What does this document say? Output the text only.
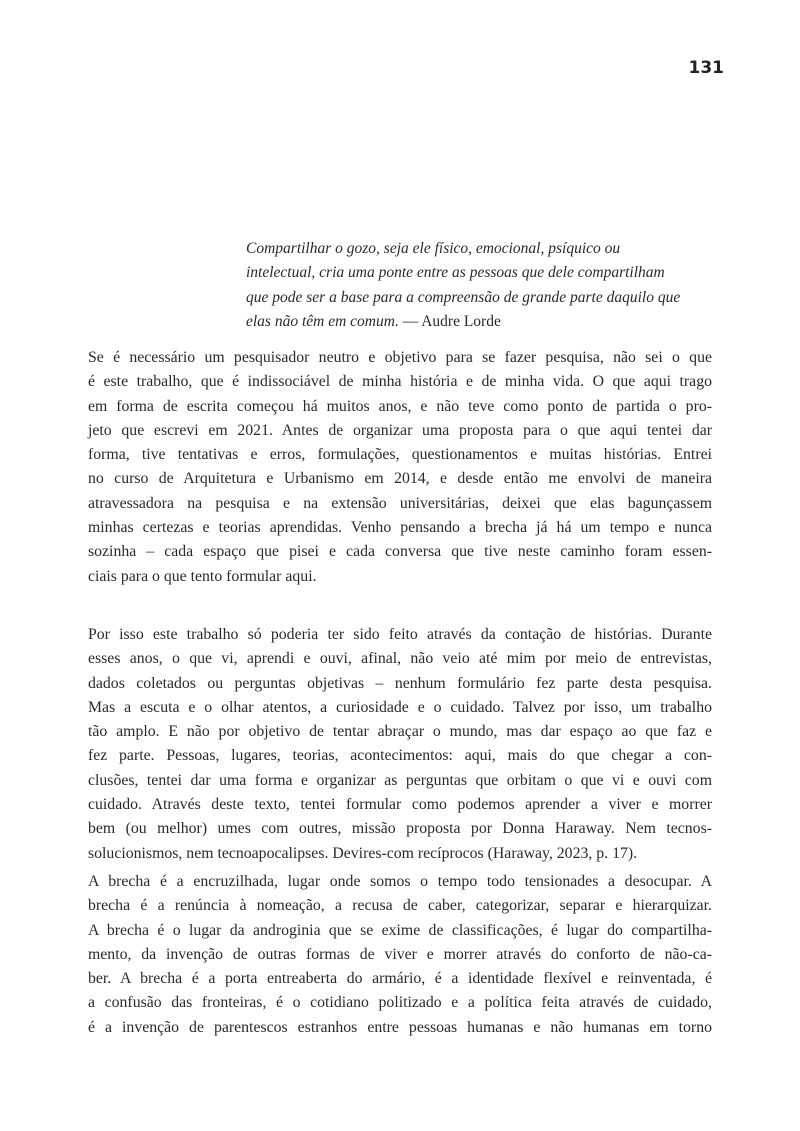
131
Compartilhar o gozo, seja ele físico, emocional, psíquico ou
intelectual, cria uma ponte entre as pessoas que dele compartilham
que pode ser a base para a compreensão de grande parte daquilo que
elas não têm em comum. — Audre Lorde
Se é necessário um pesquisador neutro e objetivo para se fazer pesquisa, não sei o que
é este trabalho, que é indissociável de minha história e de minha vida. O que aqui trago
em forma de escrita começou há muitos anos, e não teve como ponto de partida o pro-
jeto que escrevi em 2021. Antes de organizar uma proposta para o que aqui tentei dar
forma, tive tentativas e erros, formulações, questionamentos e muitas histórias. Entrei
no curso de Arquitetura e Urbanismo em 2014, e desde então me envolvi de maneira
atravessadora na pesquisa e na extensão universitárias, deixei que elas bagunçassem
minhas certezas e teorias aprendidas. Venho pensando a brecha já há um tempo e nunca
sozinha – cada espaço que pisei e cada conversa que tive neste caminho foram essen-
ciais para o que tento formular aqui.
Por isso este trabalho só poderia ter sido feito através da contação de histórias. Durante
esses anos, o que vi, aprendi e ouvi, afinal, não veio até mim por meio de entrevistas,
dados coletados ou perguntas objetivas – nenhum formulário fez parte desta pesquisa.
Mas a escuta e o olhar atentos, a curiosidade e o cuidado. Talvez por isso, um trabalho
tão amplo. E não por objetivo de tentar abraçar o mundo, mas dar espaço ao que faz e
fez parte. Pessoas, lugares, teorias, acontecimentos: aqui, mais do que chegar a con-
clusões, tentei dar uma forma e organizar as perguntas que orbitam o que vi e ouvi com
cuidado. Através deste texto, tentei formular como podemos aprender a viver e morrer
bem (ou melhor) umes com outres, missão proposta por Donna Haraway. Nem tecnos-
solucionismos, nem tecnoapocalipses. Devires-com recíprocos (Haraway, 2023, p. 17).
A brecha é a encruzilhada, lugar onde somos o tempo todo tensionades a desocupar. A
brecha é a renúncia à nomeação, a recusa de caber, categorizar, separar e hierarquizar.
A brecha é o lugar da androginia que se exime de classificações, é lugar do compartilha-
mento, da invenção de outras formas de viver e morrer através do conforto de não-ca-
ber. A brecha é a porta entreaberta do armário, é a identidade flexível e reinventada, é
a confusão das fronteiras, é o cotidiano politizado e a política feita através de cuidado,
é a invenção de parentescos estranhos entre pessoas humanas e não humanas em torno
